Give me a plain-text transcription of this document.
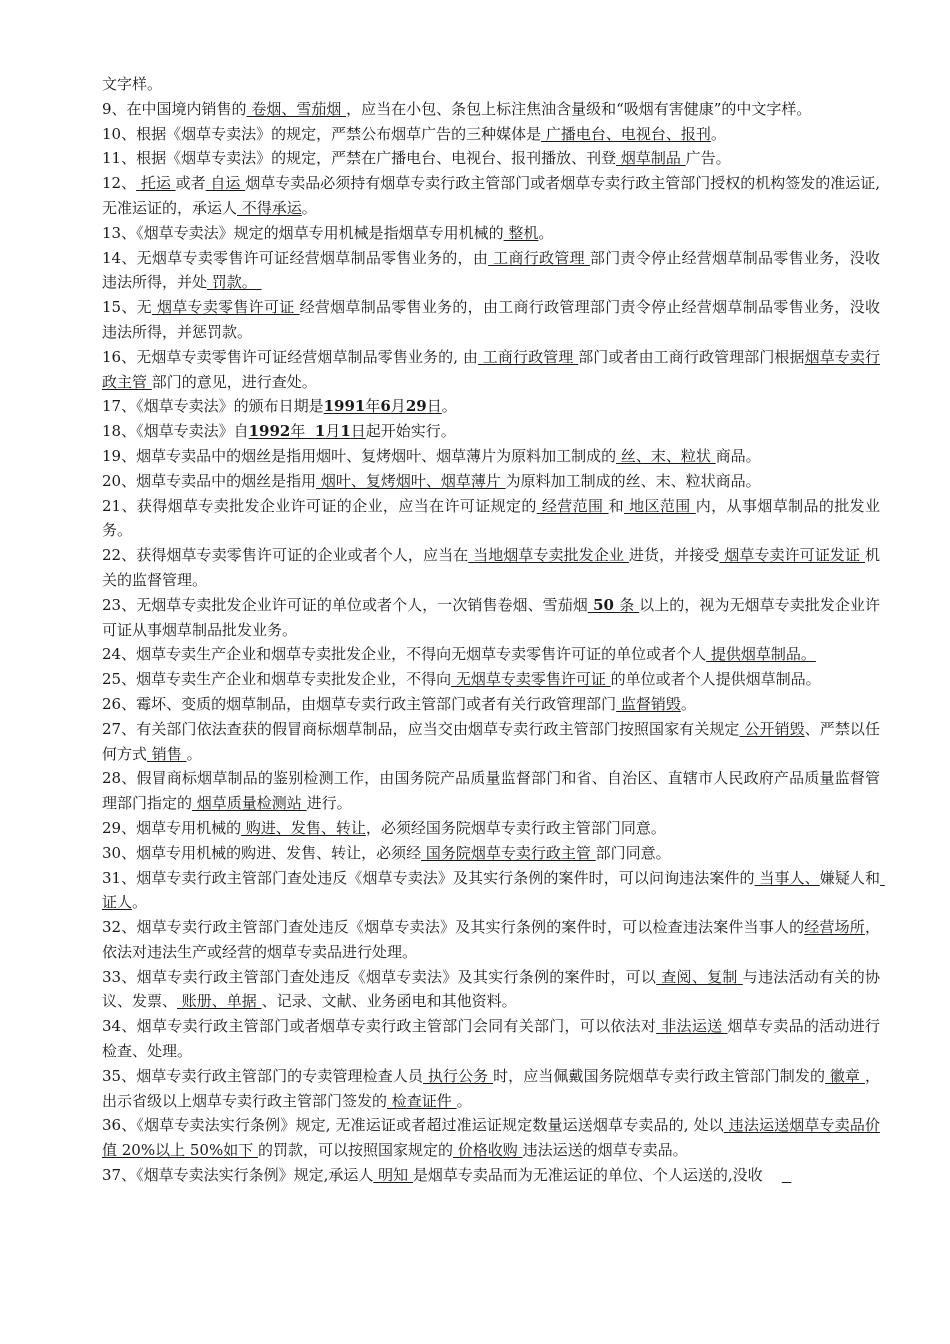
文字样。

9、在中国境内销售的 卷烟、雪茄烟 ，应当在小包、条包上标注焦油含量级和“吸烟有害健康”的中文字样。

10、根据《烟草专卖法》的规定，严禁公布烟草广告的三种媒体是 广播电台、电视台、报刊。

11、根据《烟草专卖法》的规定，严禁在广播电台、电视台、报刊播放、刊登 烟草制品 广告。

12、 托运 或者 自运 烟草专卖品必须持有烟草专卖行政主管部门或者烟草专卖行政主管部门授权的机构签发的准运证,无准运证的，承运人 不得承运。

13、《烟草专卖法》规定的烟草专用机械是指烟草专用机械的 整机。

14、无烟草专卖零售许可证经营烟草制品零售业务的，由 工商行政管理 部门责令停止经营烟草制品零售业务，没收违法所得，并处 罚款。

15、无 烟草专卖零售许可证 经营烟草制品零售业务的，由工商行政管理部门责令停止经营烟草制品零售业务，没收违法所得，并惩罚款。

16、无烟草专卖零售许可证经营烟草制品零售业务的, 由 工商行政管理 部门或者由工商行政管理部门根据烟草专卖行政主管 部门的意见，进行查处。

17、《烟草专卖法》的颁布日期是1991年6月29日。

18、《烟草专卖法》自1992年  1月1日起开始实行。

19、烟草专卖品中的烟丝是指用烟叶、复烤烟叶、烟草薄片为原料加工制成的 丝、末、粒状 商品。

20、烟草专卖品中的烟丝是指用 烟叶、复烤烟叶、烟草薄片 为原料加工制成的丝、末、粒状商品。

21、获得烟草专卖批发企业许可证的企业，应当在许可证规定的 经营范围 和 地区范围 内，从事烟草制品的批发业务。

22、获得烟草专卖零售许可证的企业或者个人，应当在 当地烟草专卖批发企业 进货，并接受 烟草专卖许可证发证 机关的监督管理。

23、无烟草专卖批发企业许可证的单位或者个人，一次销售卷烟、雪茄烟 50 条 以上的，视为无烟草专卖批发企业许可证从事烟草制品批发业务。

24、烟草专卖生产企业和烟草专卖批发企业，不得向无烟草专卖零售许可证的单位或者个人 提供烟草制品。

25、烟草专卖生产企业和烟草专卖批发企业，不得向 无烟草专卖零售许可证 的单位或者个人提供烟草制品。

26、霉坏、变质的烟草制品，由烟草专卖行政主管部门或者有关行政管理部门 监督销毁。

27、有关部门依法查获的假冒商标烟草制品，应当交由烟草专卖行政主管部门按照国家有关规定 公开销毁、严禁以任何方式 销售 。

28、假冒商标烟草制品的鉴别检测工作，由国务院产品质量监督部门和省、自治区、直辖市人民政府产品质量监督管理部门指定的 烟草质量检测站 进行。

29、烟草专用机械的 购进、发售、转让，必须经国务院烟草专卖行政主管部门同意。

30、烟草专用机械的购进、发售、转让，必须经 国务院烟草专卖行政主管 部门同意。

31、烟草专卖行政主管部门查处违反《烟草专卖法》及其实行条例的案件时，可以问询违法案件的 当事人、嫌疑人和 证人。

32、烟草专卖行政主管部门查处违反《烟草专卖法》及其实行条例的案件时，可以检查违法案件当事人的经营场所，依法对违法生产或经营的烟草专卖品进行处理。

33、烟草专卖行政主管部门查处违反《烟草专卖法》及其实行条例的案件时，可以 查阅、复制 与违法活动有关的协议、发票、 账册、单据 、记录、文献、业务函电和其他资料。

34、烟草专卖行政主管部门或者烟草专卖行政主管部门会同有关部门，可以依法对 非法运送 烟草专卖品的活动进行检查、处理。

35、烟草专卖行政主管部门的专卖管理检查人员 执行公务 时，应当佩戴国务院烟草专卖行政主管部门制发的 徽章 ，出示省级以上烟草专卖行政主管部门签发的 检查证件 。

36、《烟草专卖法实行条例》规定, 无准运证或者超过准运证规定数量运送烟草专卖品的, 处以 违法运送烟草专卖品价值 20%以上 50%如下 的罚款，可以按照国家规定的 价格收购 违法运送的烟草专卖品。

37、《烟草专卖法实行条例》规定,承运人 明知 是烟草专卖品而为无准运证的单位、个人运送的,没收
